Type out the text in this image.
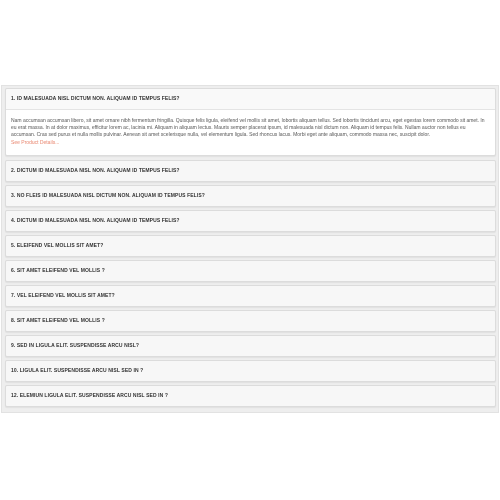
1. ID MALESUADA NISL DICTUM NON. ALIQUAM ID TEMPUS FELIS?
Nam accumsan accumsan libero, sit amet ornare nibh fermentum fringilla. Quisque felis ligula, eleifend vel mollis sit amet, lobortis aliquam tellus. Sed lobortis tincidunt arcu, eget egestas lorem commodo sit amet. In eu erat massa. In at dolor maximus, efficitur lorem ac, lacinia mi. Aliquam in aliquam lectus. Mauris semper placerat ipsum, id malesuada nisl dictum non. Aliquam id tempus felis. Nullam auctor non tellus eu accumsan. Cras sed purus et nulla mollis pulvinar. Aenean sit amet scelerisque nulla, vel elementum ligula. Sed rhoncus lacus. Morbi eget ante aliquam, commodo massa nec, suscipit dolor.
See Product Details...
2. DICTUM ID MALESUADA NISL NON. ALIQUAM ID TEMPUS FELIS?
3. NO FLEIS ID MALESUADA NISL DICTUM NON. ALIQUAM ID TEMPUS FELIS?
4. DICTUM ID MALESUADA NISL NON. ALIQUAM ID TEMPUS FELIS?
5. ELEIFEND VEL MOLLIS SIT AMET?
6. SIT AMET ELEIFEND VEL MOLLIS ?
7. VEL ELEIFEND VEL MOLLIS SIT AMET?
8. SIT AMET ELEIFEND VEL MOLLIS ?
9. SED IN LIGULA ELIT. SUSPENDISSE ARCU NISL?
10. LIGULA ELIT. SUSPENDISSE ARCU NISL SED IN ?
12. ELEMIUN LIGULA ELIT. SUSPENDISSE ARCU NISL SED IN ?
